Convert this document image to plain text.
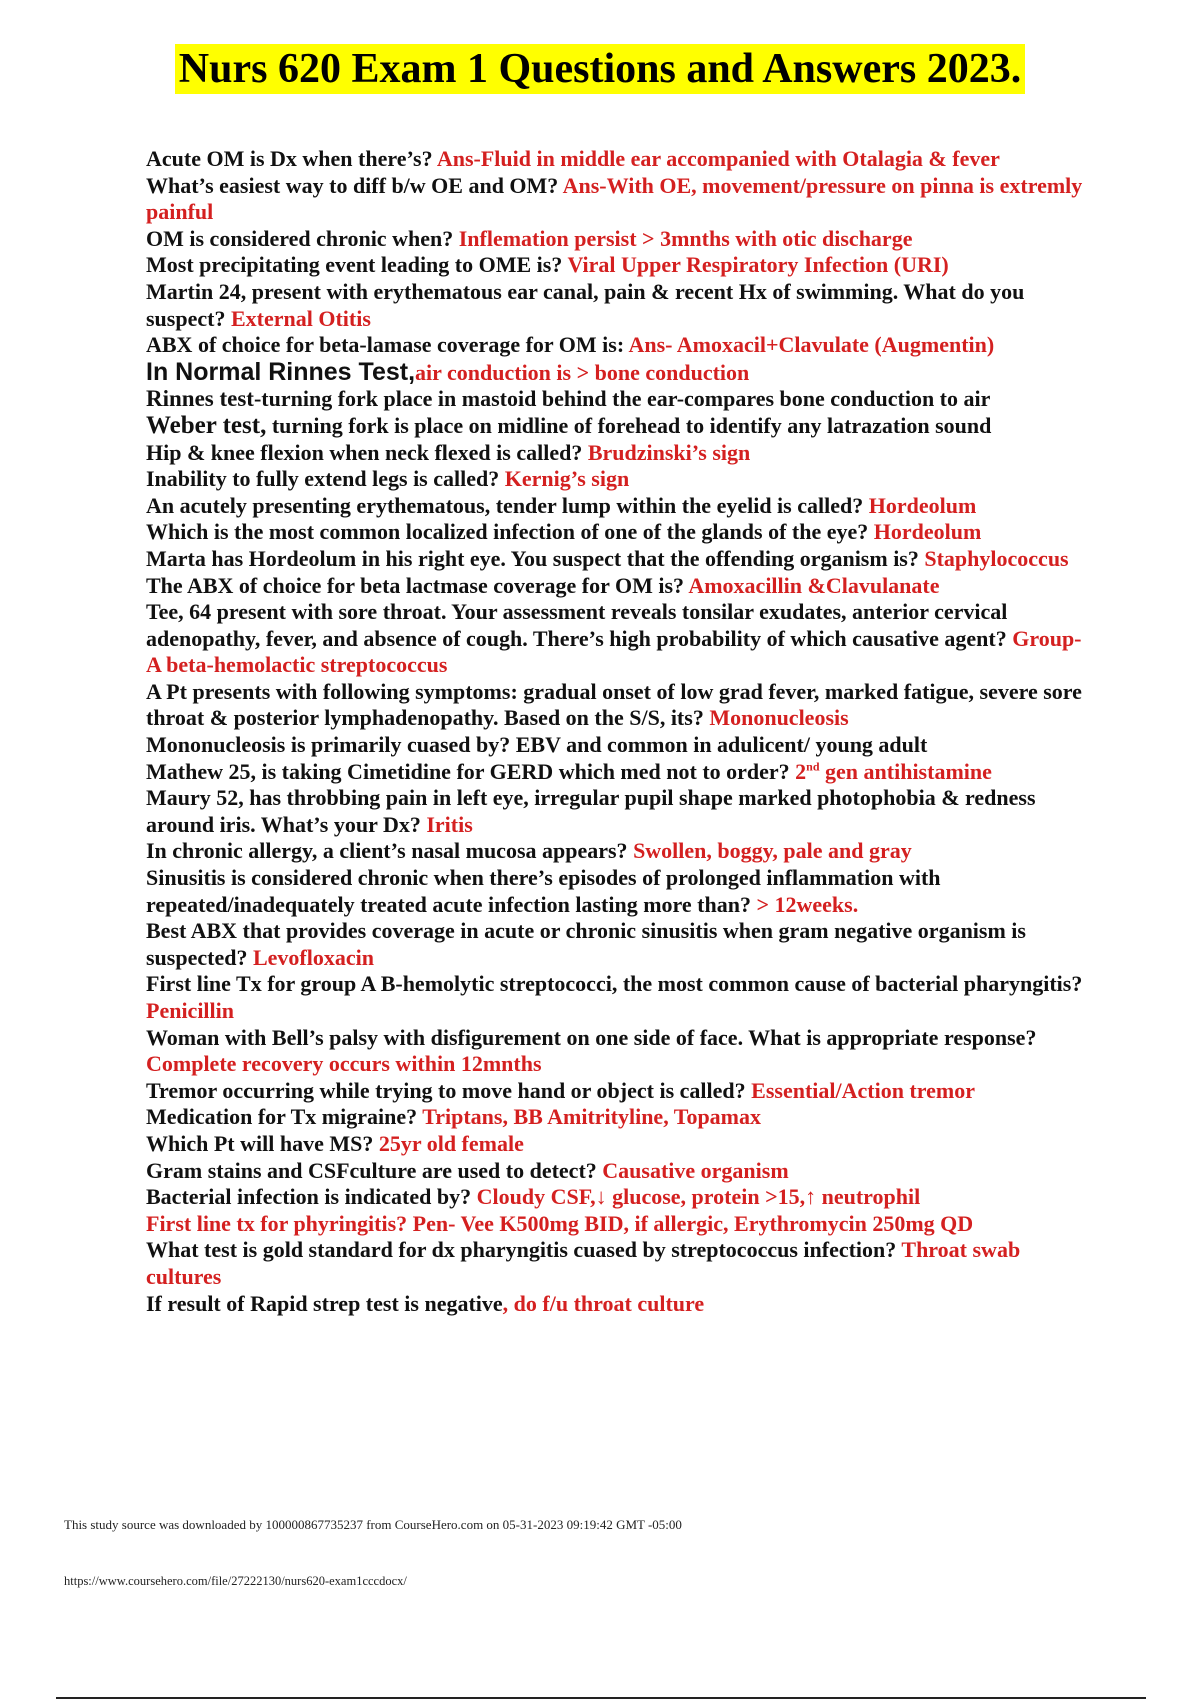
Nurs 620 Exam 1 Questions and Answers 2023.

Acute OM is Dx when there’s? Ans-Fluid in middle ear accompanied with Otalagia & fever

What’s easiest way to diff b/w OE and OM? Ans-With OE, movement/pressure on pinna is extremly painful

OM is considered chronic when? Inflemation persist > 3mnths with otic discharge

Most precipitating event leading to OME is? Viral Upper Respiratory Infection (URI)

Martin 24, present with erythematous ear canal, pain & recent Hx of swimming. What do you suspect? External Otitis

ABX of choice for beta-lamase coverage for OM is: Ans- Amoxacil+Clavulate (Augmentin)

In Normal Rinnes Test,air conduction is > bone conduction

Rinnes test-turning fork place in mastoid behind the ear-compares bone conduction to air

Weber test, turning fork is place on midline of forehead to identify any latrazation sound

Hip & knee flexion when neck flexed is called? Brudzinski’s sign

Inability to fully extend legs is called? Kernig’s sign

An acutely presenting erythematous, tender lump within the eyelid is called? Hordeolum

Which is the most common localized infection of one of the glands of the eye? Hordeolum

Marta has Hordeolum in his right eye. You suspect that the offending organism is? Staphylococcus

The ABX of choice for beta lactmase coverage for OM is? Amoxacillin &Clavulanate

Tee, 64 present with sore throat. Your assessment reveals tonsilar exudates, anterior cervical adenopathy, fever, and absence of cough. There’s high probability of which causative agent? Group-A beta-hemolactic streptococcus

A Pt presents with following symptoms: gradual onset of low grad fever, marked fatigue, severe sore throat & posterior lymphadenopathy. Based on the S/S, its? Mononucleosis

Mononucleosis is primarily cuased by? EBV and common in adulicent/ young adult

Mathew 25, is taking Cimetidine for GERD which med not to order? 2nd gen antihistamine

Maury 52, has throbbing pain in left eye, irregular pupil shape marked photophobia & redness around iris. What’s your Dx? Iritis

In chronic allergy, a client’s nasal mucosa appears? Swollen, boggy, pale and gray

Sinusitis is considered chronic when there’s episodes of prolonged inflammation with repeated/inadequately treated acute infection lasting more than? > 12weeks.

Best ABX that provides coverage in acute or chronic sinusitis when gram negative organism is suspected? Levofloxacin

First line Tx for group A B-hemolytic streptococci, the most common cause of bacterial pharyngitis? Penicillin

Woman with Bell’s palsy with disfigurement on one side of face. What is appropriate response? Complete recovery occurs within 12mnths

Tremor occurring while trying to move hand or object is called? Essential/Action tremor

Medication for Tx migraine? Triptans, BB Amitrityline, Topamax

Which Pt will have MS? 25yr old female

Gram stains and CSFculture are used to detect? Causative organism

Bacterial infection is indicated by? Cloudy CSF,↓ glucose, protein >15,↑ neutrophil

First line tx for phyringitis? Pen- Vee K500mg BID, if allergic, Erythromycin 250mg QD

What test is gold standard for dx pharyngitis cuased by streptococcus infection? Throat swab cultures

If result of Rapid strep test is negative, do f/u throat culture

This study source was downloaded by 100000867735237 from CourseHero.com on 05-31-2023 09:19:42 GMT -05:00
https://www.coursehero.com/file/27222130/nurs620-exam1cccdocx/
